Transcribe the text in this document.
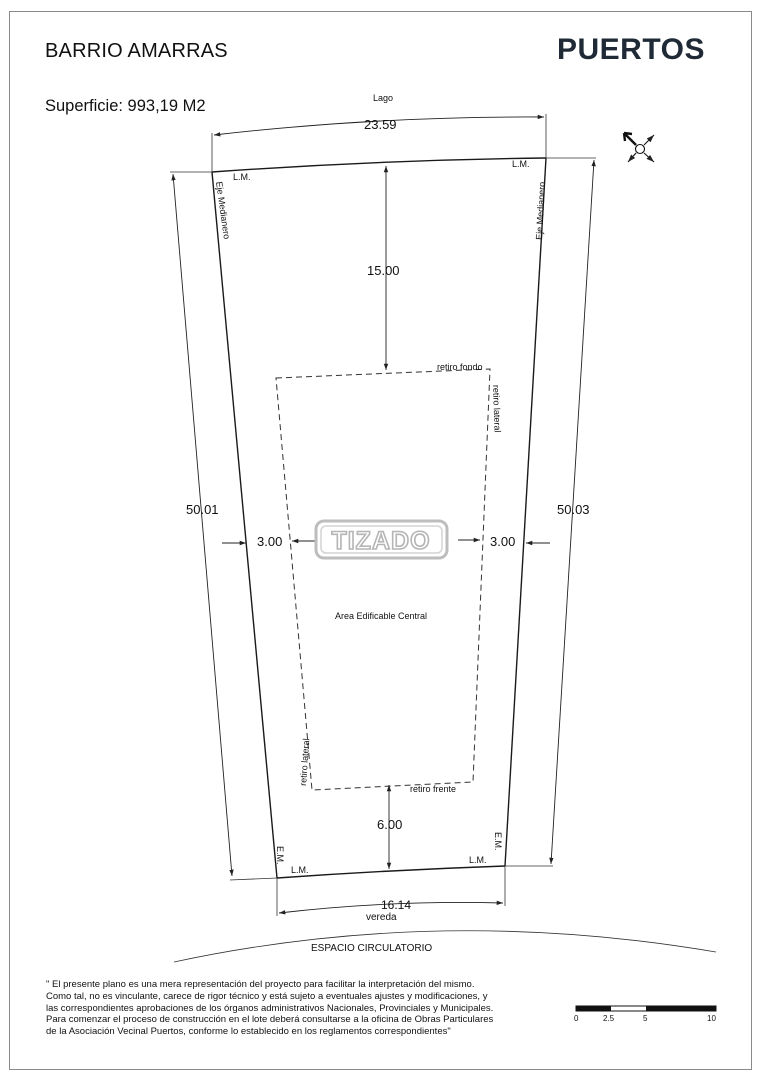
BARRIO AMARRAS
Superficie: 993,19 M2
PUERTOS
TIZADO
Lago
23.59
L.M.
L.M.
Eje Medianero	Eje Medianero
15.00
retiro fondo
retiro lateral
50.01	50.03
3.00	3.00
Area Edificable Central
retiro lateral
retiro frente
6.00
E.M.
E.M.
L.M.
L.M.
16.14
vereda
ESPACIO CIRCULATORIO
0	2.5	5	10
" El presente plano es una mera representación del proyecto para facilitar la interpretación del mismo.
Como tal, no es vinculante, carece de rigor técnico y está sujeto a eventuales ajustes y modificaciones, y
las correspondientes aprobaciones de los órganos administrativos Nacionales, Provinciales y Municipales.
Para comenzar el proceso de construcción en el lote deberá consultarse a la oficina de Obras Particulares
de la Asociación Vecinal Puertos, conforme lo establecido en los reglamentos correspondientes"
